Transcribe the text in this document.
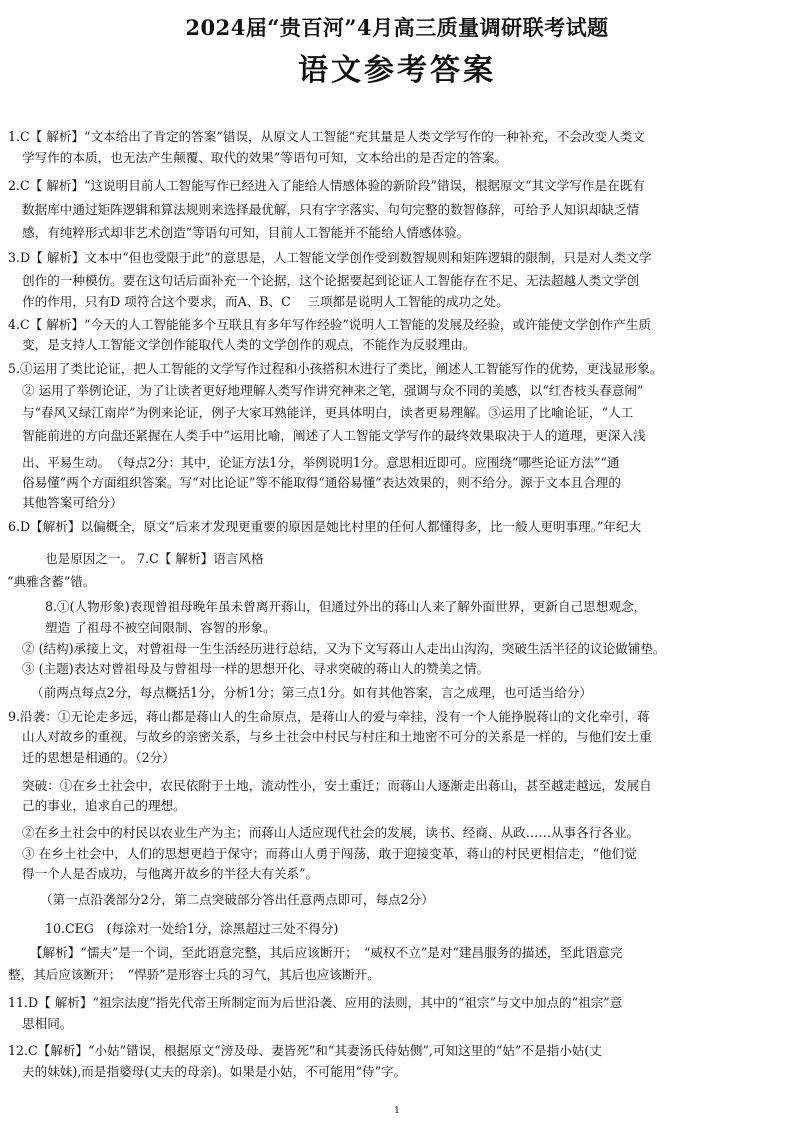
2024届“贵百河”4月高三质量调研联考试题
语文参考答案
1.C【 解析】“文本给出了肯定的答案”错误，从原文人工智能“充其量是人类文学写作的一种补充，不会改变人类文
学写作的本质，也无法产生颠覆、取代的效果”等语句可知，文本给出的是否定的答案。
2.C【 解析】“这说明目前人工智能写作已经进入了能给人情感体验的新阶段”错误，根据原文“其文学写作是在既有
数据库中通过矩阵逻辑和算法规则来选择最优解，只有字字落实、句句完整的数智修辞，可给予人知识却缺乏情
感，有纯粹形式却非艺术创造”等语句可知，目前人工智能并不能给人情感体验。
3.D【 解析】文本中“但也受限于此”的意思是，人工智能文学创作受到数智规则和矩阵逻辑的限制，只是对人类文学
创作的一种模仿。要在这句话后面补充一个论据，这个论据要起到论证人工智能存在不足、无法超越人类文学创
作的作用，只有D 项符合这个要求，而A、B、C　 三项都是说明人工智能的成功之处。
4.C【 解析】“今天的人工智能能多个互联且有多年写作经验”说明人工智能的发展及经验，或许能使文学创作产生质
变，是支持人工智能文学创作能取代人类的文学创作的观点，不能作为反驳理由。
5.①运用了类比论证，把人工智能的文学写作过程和小孩搭积木进行了类比，阐述人工智能写作的优势，更浅显形象。
② 运用了举例论证，为了让读者更好地理解人类写作讲究神来之笔，强调与众不同的美感，以“红杏枝头春意闹”
与“春风又绿江南岸”为例来论证，例子大家耳熟能详，更具体明白，读者更易理解。③运用了比喻论证，“人工
智能前进的方向盘还紧握在人类手中”运用比喻，阐述了人工智能文学写作的最终效果取决于人的道理，更深入浅
出、平易生动。　（每点2分：其中，论证方法1分，举例说明1分。意思相近即可。应围绕“哪些论证方法”“通
俗易懂”两个方面组织答案。写“对比论证”等不能取得“通俗易懂”表达效果的，则不给分。源于文本且合理的
其他答案可给分）
6.D【解析】以偏概全，原文“后来才发现更重要的原因是她比村里的任何人都懂得多，比一般人更明事理。”年纪大
也是原因之一。 7.C【 解析】语言风格
“典雅含蓄”错。
8.①(人物形象)表现曾祖母晚年虽未曾离开蒋山，但通过外出的蒋山人来了解外面世界，更新自己思想观念，
塑造 了祖母不被空间限制、容智的形象。
② (结构)承接上文，对曾祖母一生生活经历进行总结，又为下文写蒋山人走出山沟沟，突破生活半径的议论做铺垫。
③ (主题)表达对曾祖母及与曾祖母一样的思想开化、寻求突破的蒋山人的赞美之情。
（前两点每点2分，每点概括1分，分析1分；第三点1分。如有其他答案，言之成理，也可适当给分）
9.沿袭：①无论走多远，蒋山都是蒋山人的生命原点，是蒋山人的爱与牵挂，没有一个人能挣脱蒋山的文化牵引，蒋
山人对故乡的重视，与故乡的亲密关系，与乡土社会中村民与村庄和土地密不可分的关系是一样的，与他们安土重
迁的思想是相通的。（2分）
突破：①在乡土社会中，农民依附于土地，流动性小，安土重迁；而蒋山人逐渐走出蒋山，甚至越走越远，发展自
己的事业，追求自己的理想。
②在乡土社会中的村民以农业生产为主；而蒋山人适应现代社会的发展，读书、经商、从政……从事各行各业。
③ 在乡土社会中，人们的思想更趋于保守；而蒋山人勇于闯荡，敢于迎接变革，蒋山的村民更相信走，“他们觉
得一个人是否成功，与他离开故乡的半径大有关系”。
（第一点沿袭部分2分，第二点突破部分答出任意两点即可，每点2分）
10.CEG　(每涂对一处给1分，涂黑超过三处不得分)
【解析】“懦夫”是一个词，至此语意完整，其后应该断开；　“威权不立”是对“建昌服务的描述，至此语意完
整，其后应该断开；　“悍骄”是形容士兵的习气，其后也应该断开。
11.D【 解析】“祖宗法度”指先代帝王所制定而为后世沿袭、应用的法则，其中的“祖宗”与文中加点的“祖宗”意
思相同。
12.C【解析】“小姑”错误，根据原文“滂及母、妻皆死”和“其妻汤氏侍姑侧”,可知这里的“姑”不是指小姑(丈
夫的妹妹),而是指婆母(丈夫的母亲)。如果是小姑，不可能用“侍”字。
1
